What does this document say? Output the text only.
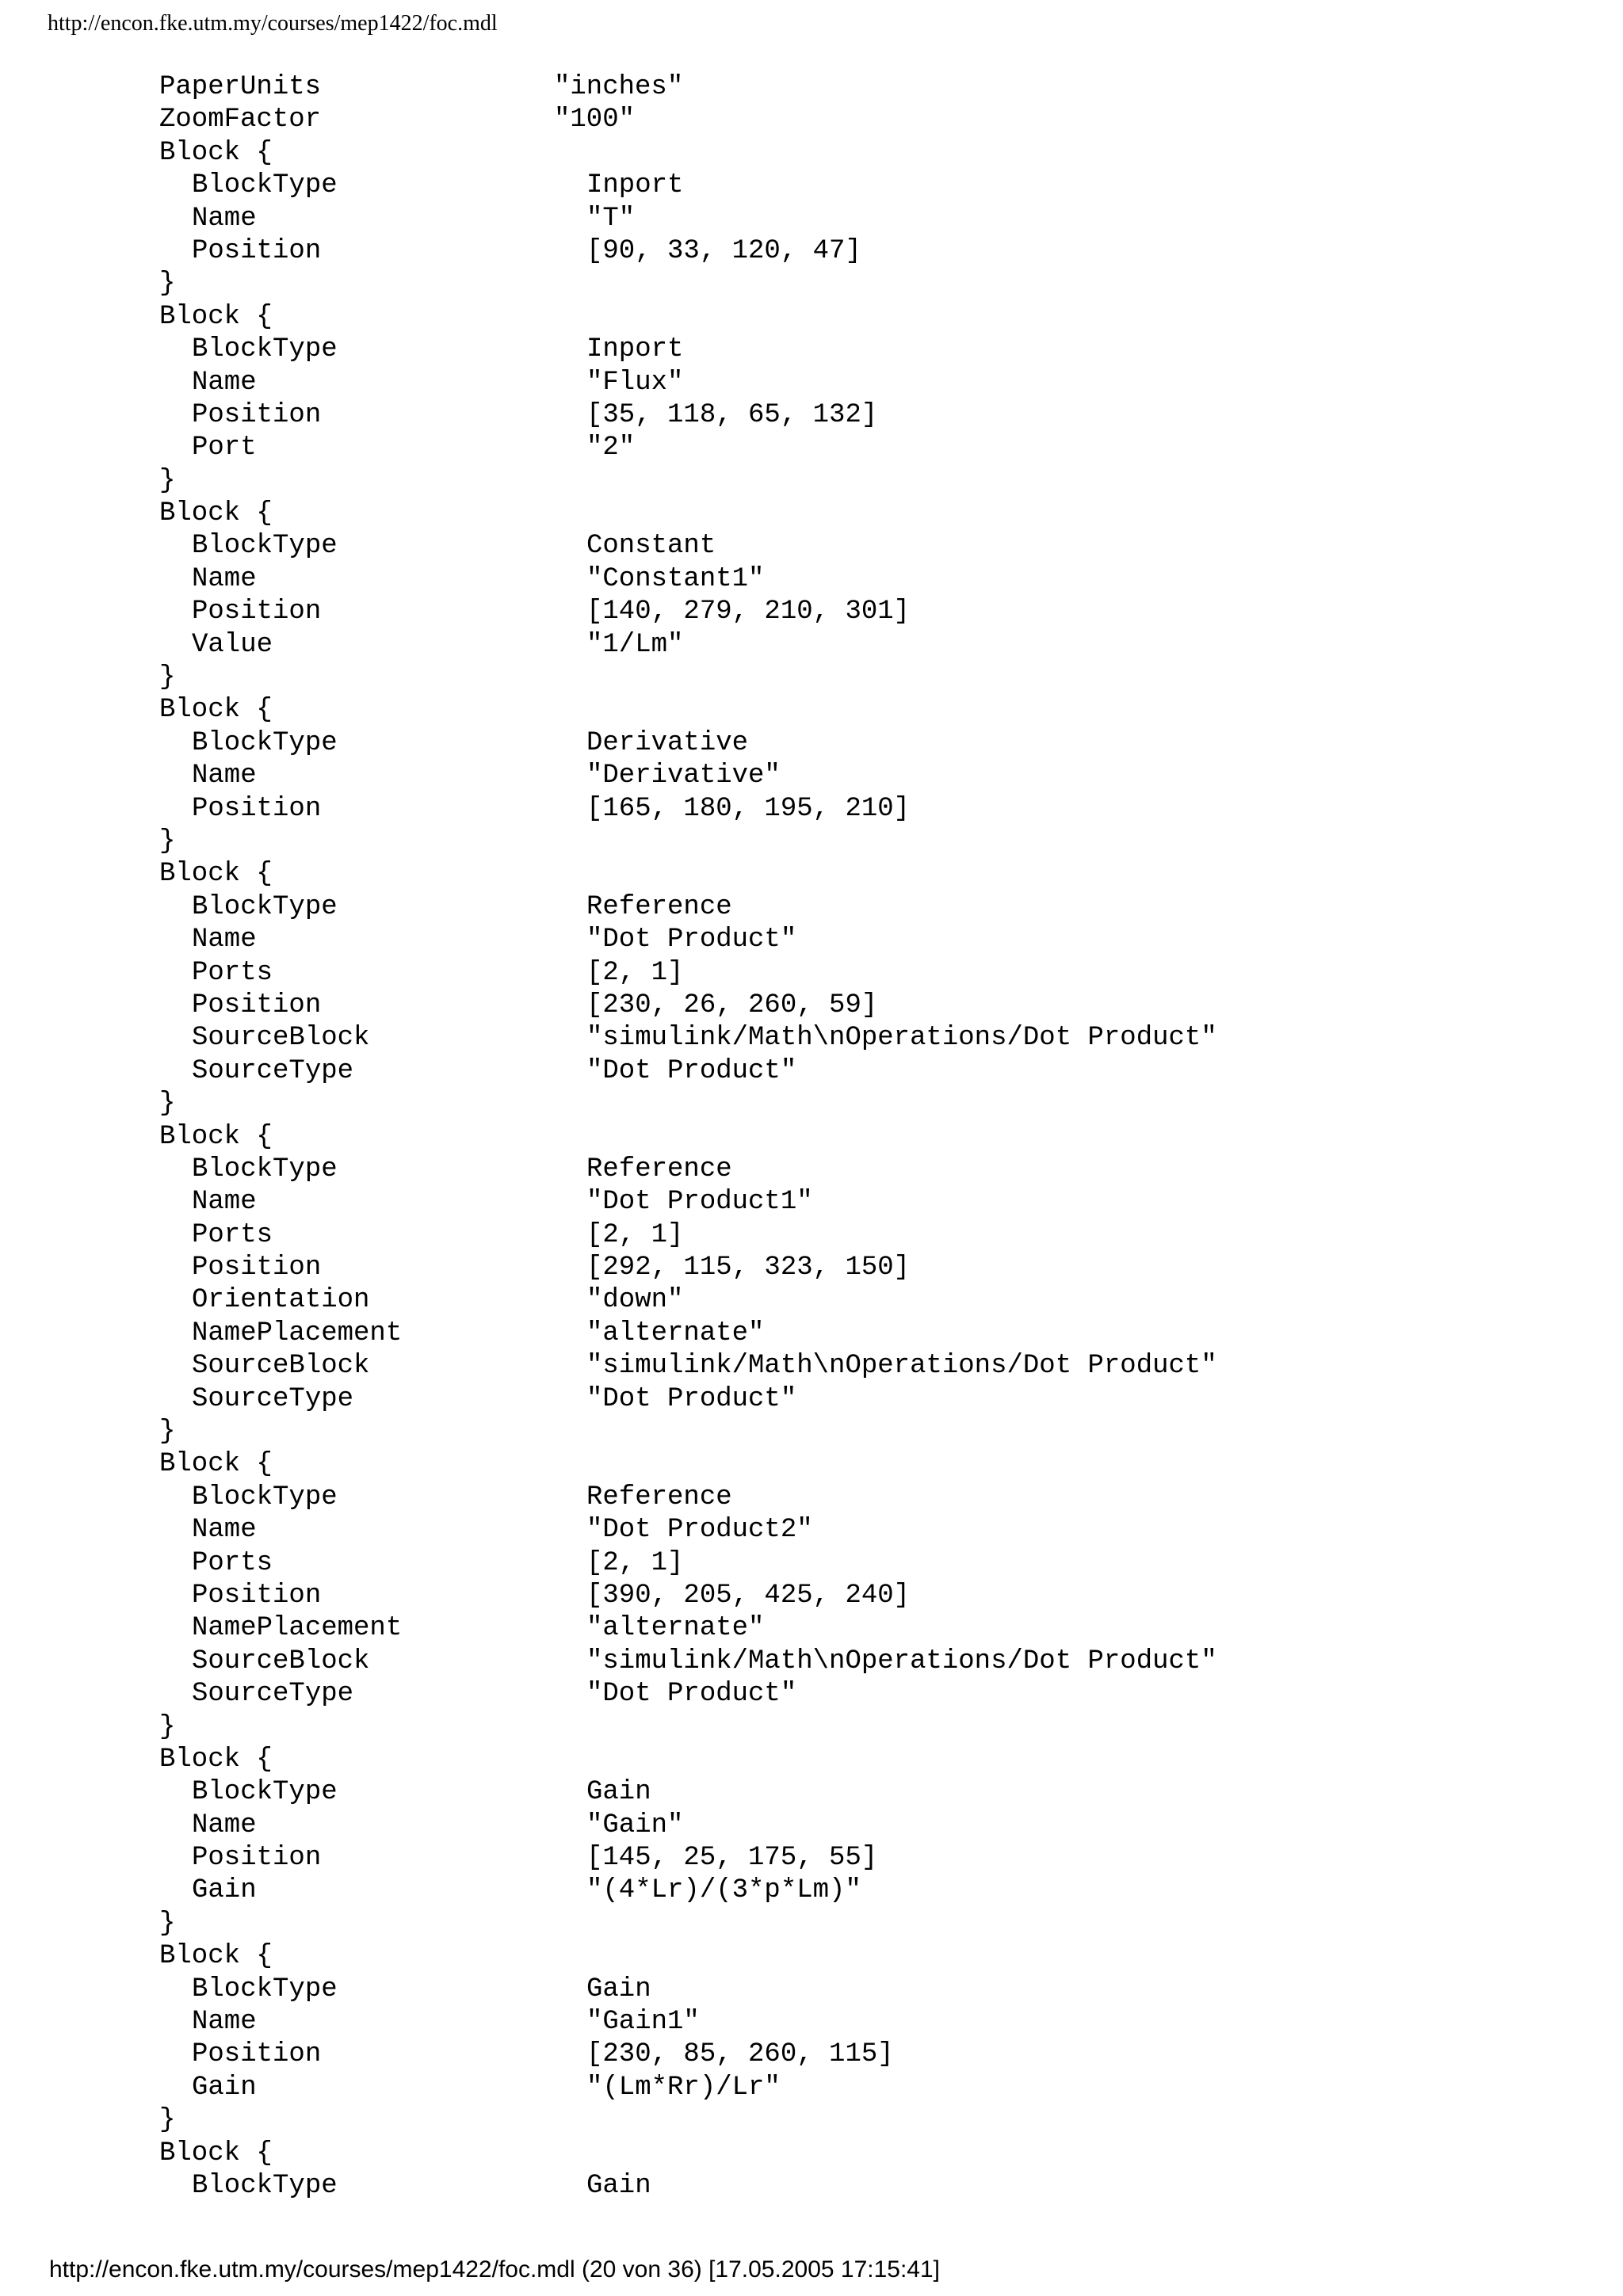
http://encon.fke.utm.my/courses/mep1422/foc.mdl
PaperUnits	"inches"
ZoomFactor	"100"
Block {
BlockType	Inport
Name	"T"
Position	[90, 33, 120, 47]
}
Block {
BlockType	Inport
Name	"Flux"
Position	[35, 118, 65, 132]
Port	"2"
}
Block {
BlockType	Constant
Name	"Constant1"
Position	[140, 279, 210, 301]
Value	"1/Lm"
}
Block {
BlockType	Derivative
Name	"Derivative"
Position	[165, 180, 195, 210]
}
Block {
BlockType	Reference
Name	"Dot Product"
Ports	[2, 1]
Position	[230, 26, 260, 59]
SourceBlock	"simulink/Math\nOperations/Dot Product"
SourceType	"Dot Product"
}
Block {
BlockType	Reference
Name	"Dot Product1"
Ports	[2, 1]
Position	[292, 115, 323, 150]
Orientation	"down"
NamePlacement	"alternate"
SourceBlock	"simulink/Math\nOperations/Dot Product"
SourceType	"Dot Product"
}
Block {
BlockType	Reference
Name	"Dot Product2"
Ports	[2, 1]
Position	[390, 205, 425, 240]
NamePlacement	"alternate"
SourceBlock	"simulink/Math\nOperations/Dot Product"
SourceType	"Dot Product"
}
Block {
BlockType	Gain
Name	"Gain"
Position	[145, 25, 175, 55]
Gain	"(4*Lr)/(3*p*Lm)"
}
Block {
BlockType	Gain
Name	"Gain1"
Position	[230, 85, 260, 115]
Gain	"(Lm*Rr)/Lr"
}
Block {
BlockType	Gain
http://encon.fke.utm.my/courses/mep1422/foc.mdl (20 von 36) [17.05.2005 17:15:41]
